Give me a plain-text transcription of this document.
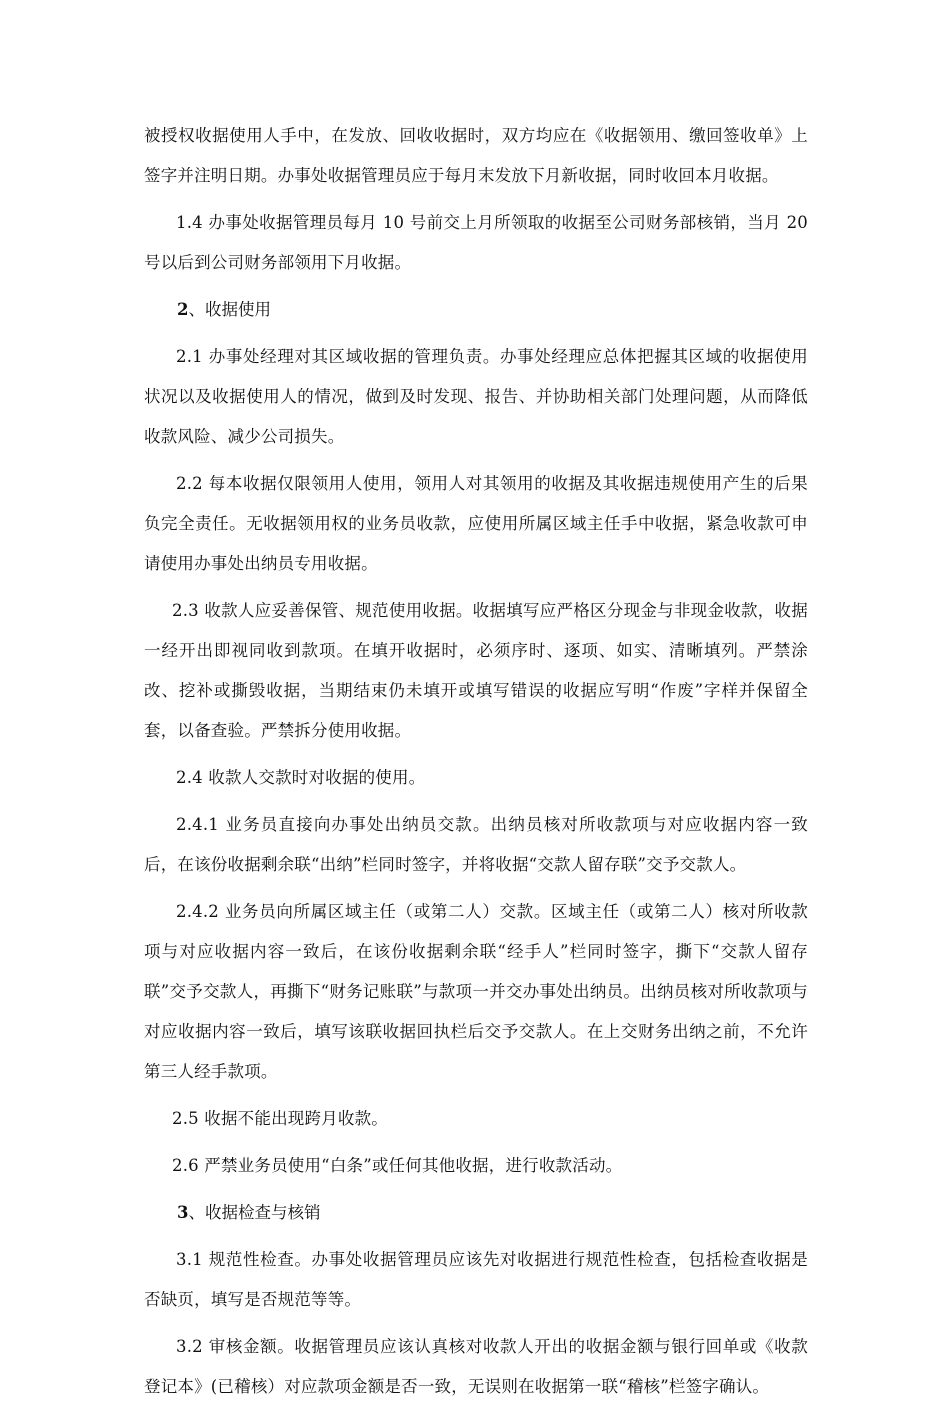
被授权收据使用人手中，在发放、回收收据时，双方均应在《收据领用、缴回签收单》上签字并注明日期。办事处收据管理员应于每月末发放下月新收据，同时收回本月收据。

1.4 办事处收据管理员每月 10 号前交上月所领取的收据至公司财务部核销，当月 20 号以后到公司财务部领用下月收据。

2、收据使用

2.1 办事处经理对其区域收据的管理负责。办事处经理应总体把握其区域的收据使用状况以及收据使用人的情况，做到及时发现、报告、并协助相关部门处理问题，从而降低收款风险、减少公司损失。

2.2 每本收据仅限领用人使用，领用人对其领用的收据及其收据违规使用产生的后果负完全责任。无收据领用权的业务员收款，应使用所属区域主任手中收据，紧急收款可申请使用办事处出纳员专用收据。

2.3 收款人应妥善保管、规范使用收据。收据填写应严格区分现金与非现金收款，收据一经开出即视同收到款项。在填开收据时，必须序时、逐项、如实、清晰填列。严禁涂改、挖补或撕毁收据，当期结束仍未填开或填写错误的收据应写明“作废”字样并保留全套，以备查验。严禁拆分使用收据。

2.4 收款人交款时对收据的使用。

2.4.1 业务员直接向办事处出纳员交款。出纳员核对所收款项与对应收据内容一致后，在该份收据剩余联“出纳”栏同时签字，并将收据“交款人留存联”交予交款人。

2.4.2 业务员向所属区域主任（或第二人）交款。区域主任（或第二人）核对所收款项与对应收据内容一致后，在该份收据剩余联“经手人”栏同时签字，撕下“交款人留存联”交予交款人，再撕下“财务记账联”与款项一并交办事处出纳员。出纳员核对所收款项与对应收据内容一致后，填写该联收据回执栏后交予交款人。在上交财务出纳之前，不允许第三人经手款项。

2.5 收据不能出现跨月收款。

2.6 严禁业务员使用“白条”或任何其他收据，进行收款活动。

3、收据检查与核销

3.1 规范性检查。办事处收据管理员应该先对收据进行规范性检查，包括检查收据是否缺页，填写是否规范等等。

3.2 审核金额。收据管理员应该认真核对收款人开出的收据金额与银行回单或《收款登记本》(已稽核）对应款项金额是否一致，无误则在收据第一联“稽核”栏签字确认。
